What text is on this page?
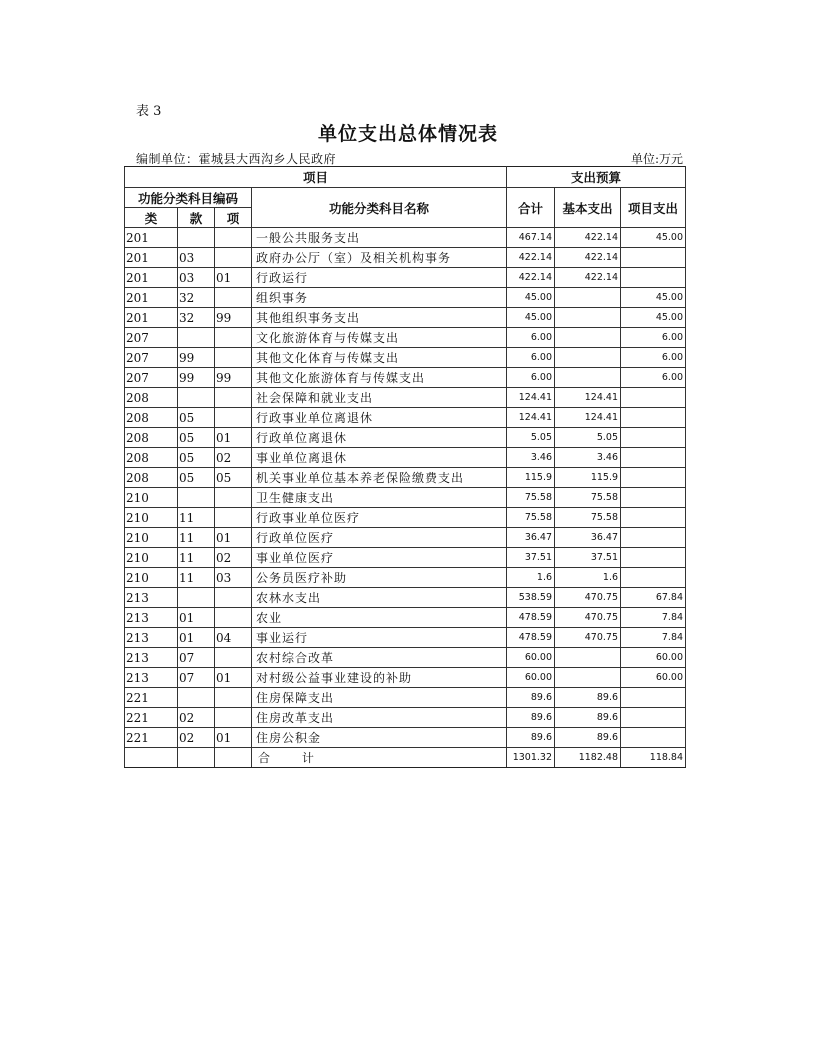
表 3
单位支出总体情况表
编制单位：霍城县大西沟乡人民政府	单位:万元
项目				支出预算		
功能分类科目编码			功能分类科目名称	合计	基本支出	项目支出
类	款	项				
201			一般公共服务支出	467.14	422.14	45.00
201	03		政府办公厅（室）及相关机构事务	422.14	422.14	
201	03	01	行政运行	422.14	422.14	
201	32		组织事务	45.00		45.00
201	32	99	其他组织事务支出	45.00		45.00
207			文化旅游体育与传媒支出	6.00		6.00
207	99		其他文化体育与传媒支出	6.00		6.00
207	99	99	其他文化旅游体育与传媒支出	6.00		6.00
208			社会保障和就业支出	124.41	124.41	
208	05		行政事业单位离退休	124.41	124.41	
208	05	01	行政单位离退休	5.05	5.05	
208	05	02	事业单位离退休	3.46	3.46	
208	05	05	机关事业单位基本养老保险缴费支出	115.9	115.9	
210			卫生健康支出	75.58	75.58	
210	11		行政事业单位医疗	75.58	75.58	
210	11	01	行政单位医疗	36.47	36.47	
210	11	02	事业单位医疗	37.51	37.51	
210	11	03	公务员医疗补助	1.6	1.6	
213			农林水支出	538.59	470.75	67.84
213	01		农业	478.59	470.75	7.84
213	01	04	事业运行	478.59	470.75	7.84
213	07		农村综合改革	60.00		60.00
213	07	01	对村级公益事业建设的补助	60.00		60.00
221			住房保障支出	89.6	89.6	
221	02		住房改革支出	89.6	89.6	
221	02	01	住房公积金	89.6	89.6	
			合 计	1301.32	1182.48	118.84
